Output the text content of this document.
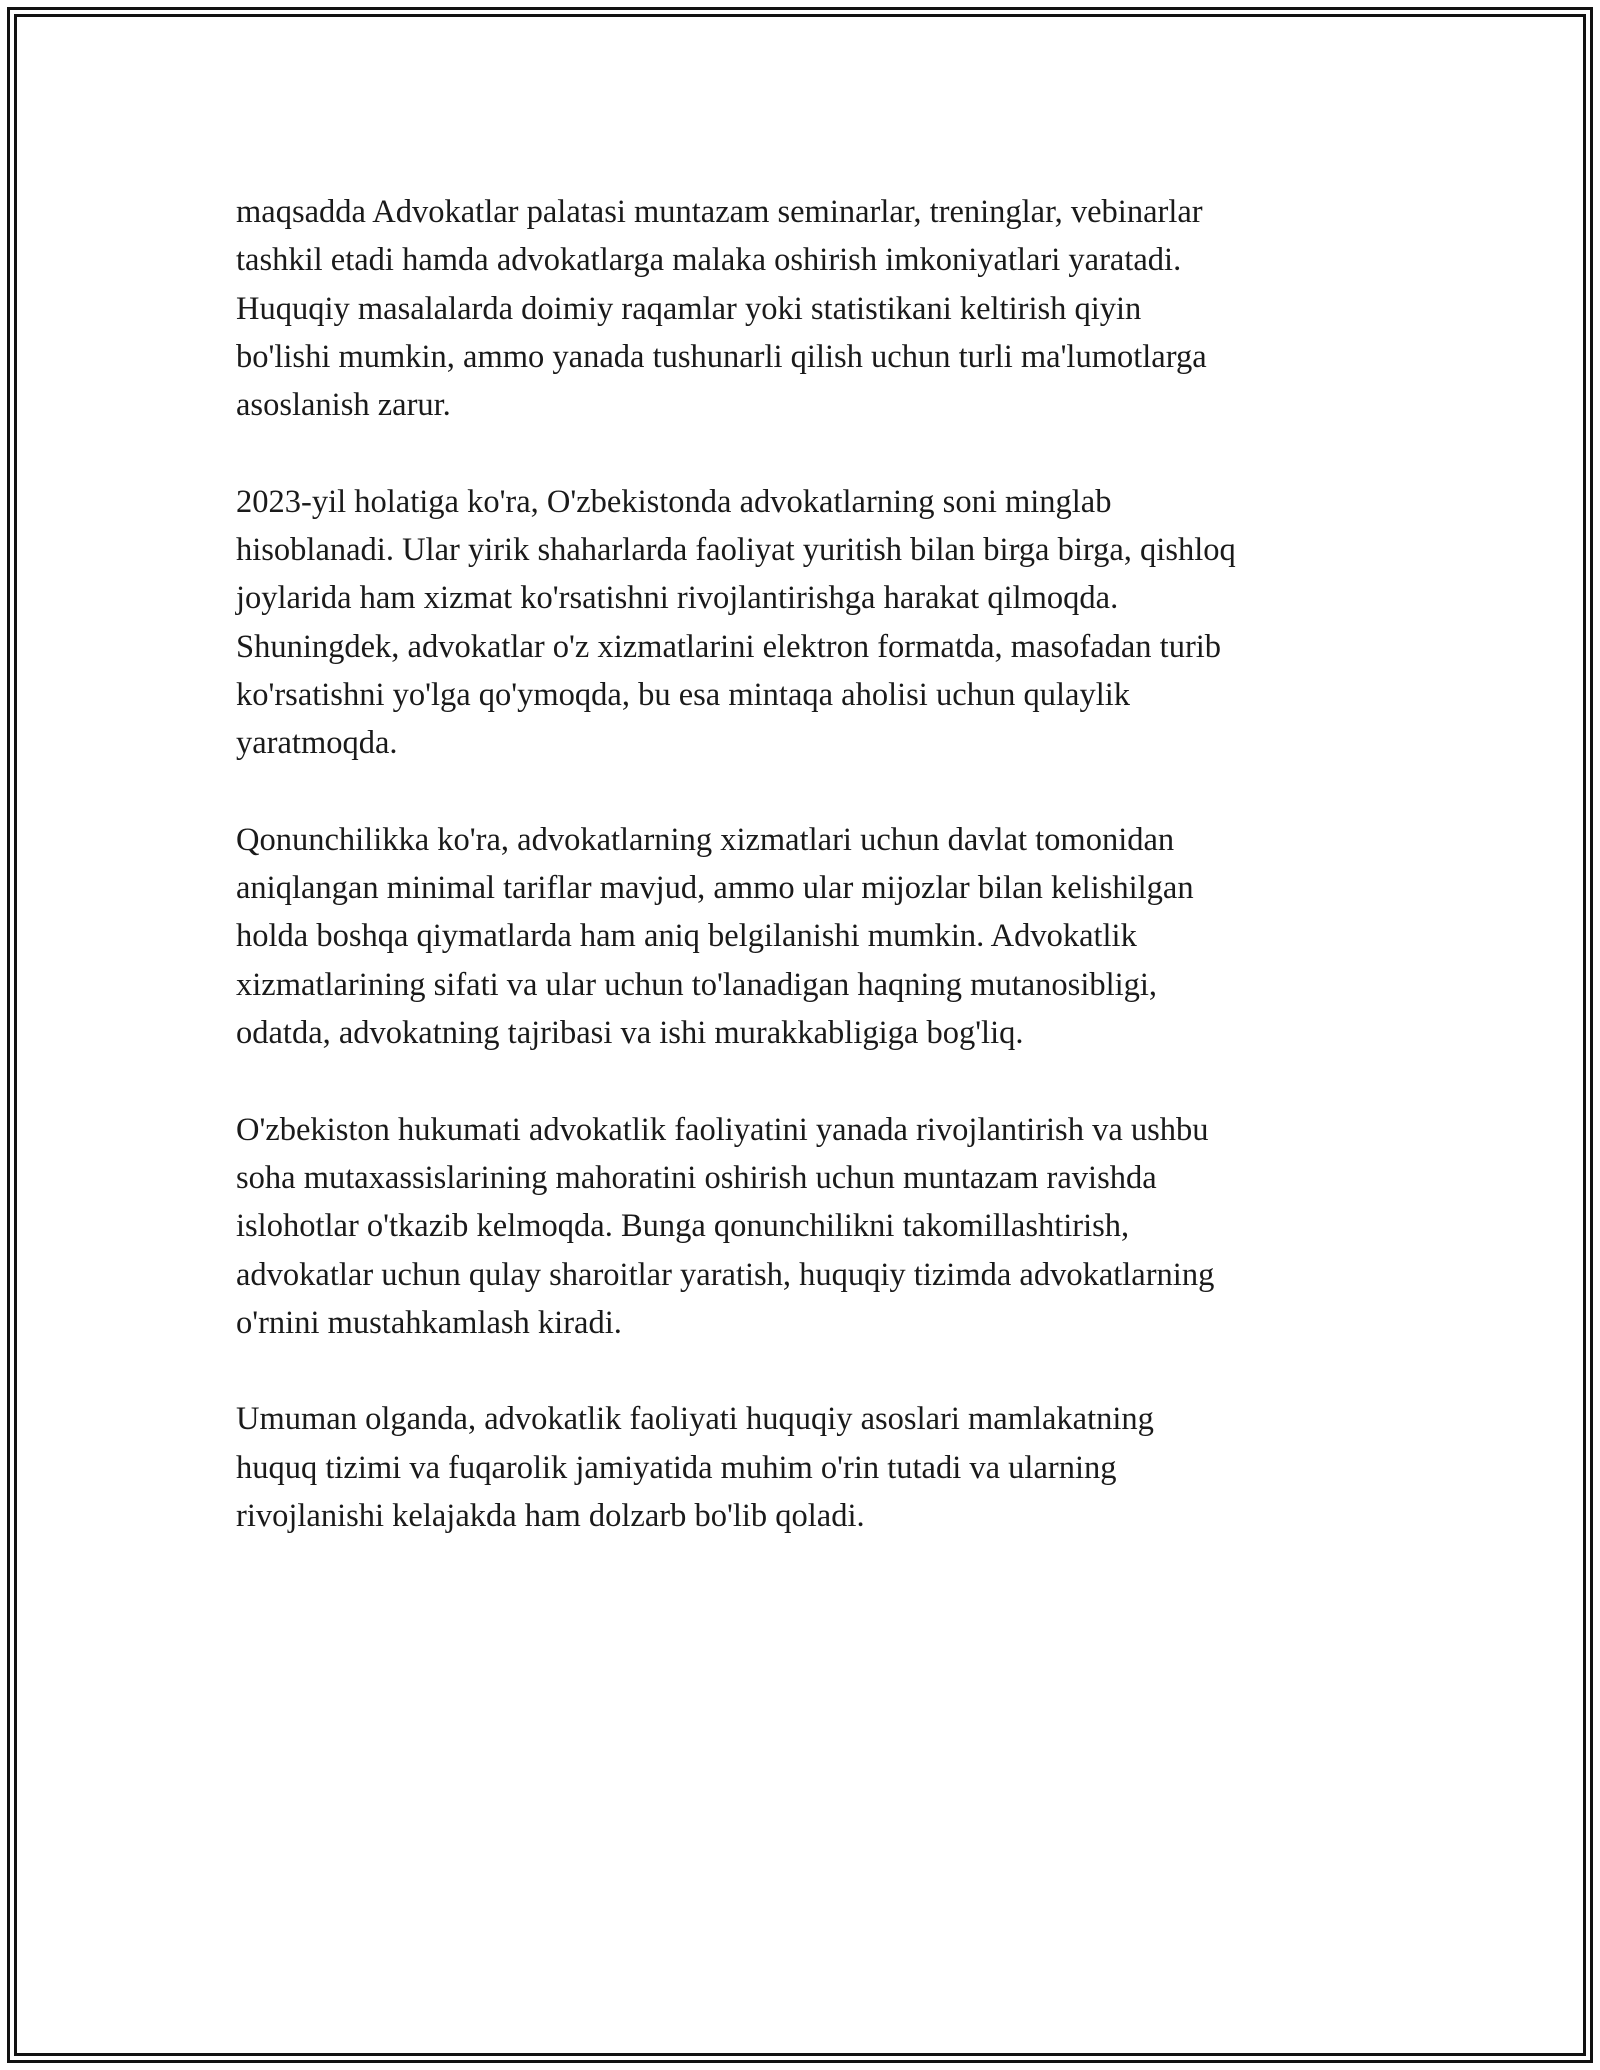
maqsadda Advokatlar palatasi muntazam seminarlar, treninglar, vebinarlar
tashkil etadi hamda advokatlarga malaka oshirish imkoniyatlari yaratadi.
Huquqiy masalalarda doimiy raqamlar yoki statistikani keltirish qiyin
bo'lishi mumkin, ammo yanada tushunarli qilish uchun turli ma'lumotlarga
asoslanish zarur.

2023-yil holatiga ko'ra, O'zbekistonda advokatlarning soni minglab
hisoblanadi. Ular yirik shaharlarda faoliyat yuritish bilan birga birga, qishloq
joylarida ham xizmat ko'rsatishni rivojlantirishga harakat qilmoqda.
Shuningdek, advokatlar o'z xizmatlarini elektron formatda, masofadan turib
ko'rsatishni yo'lga qo'ymoqda, bu esa mintaqa aholisi uchun qulaylik
yaratmoqda.

Qonunchilikka ko'ra, advokatlarning xizmatlari uchun davlat tomonidan
aniqlangan minimal tariflar mavjud, ammo ular mijozlar bilan kelishilgan
holda boshqa qiymatlarda ham aniq belgilanishi mumkin. Advokatlik
xizmatlarining sifati va ular uchun to'lanadigan haqning mutanosibligi,
odatda, advokatning tajribasi va ishi murakkabligiga bog'liq.

O'zbekiston hukumati advokatlik faoliyatini yanada rivojlantirish va ushbu
soha mutaxassislarining mahoratini oshirish uchun muntazam ravishda
islohotlar o'tkazib kelmoqda. Bunga qonunchilikni takomillashtirish,
advokatlar uchun qulay sharoitlar yaratish, huquqiy tizimda advokatlarning
o'rnini mustahkamlash kiradi.

Umuman olganda, advokatlik faoliyati huquqiy asoslari mamlakatning
huquq tizimi va fuqarolik jamiyatida muhim o'rin tutadi va ularning
rivojlanishi kelajakda ham dolzarb bo'lib qoladi.
